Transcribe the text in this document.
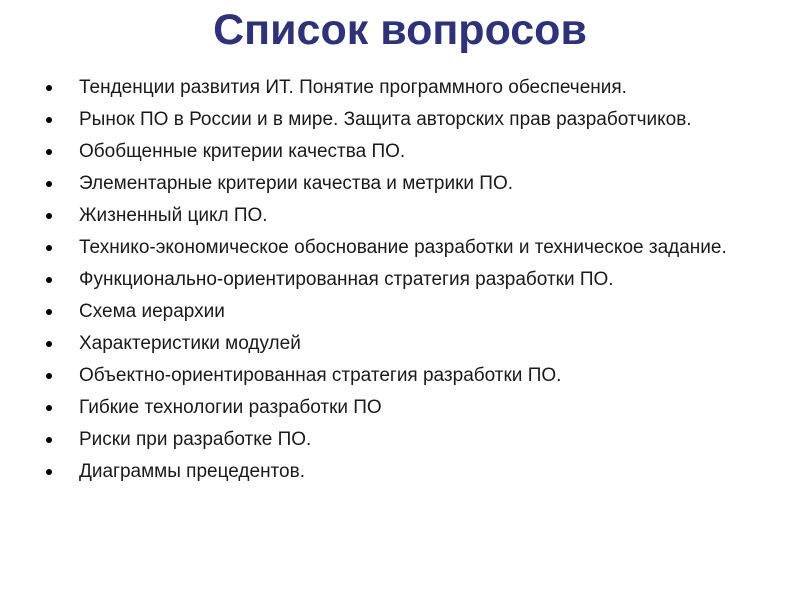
Список вопросов
Тенденции развития ИТ. Понятие программного обеспечения.
Рынок ПО в России и в мире. Защита авторских прав разработчиков.
Обобщенные критерии качества ПО.
Элементарные критерии качества и метрики ПО.
Жизненный цикл ПО.
Технико-экономическое обоснование разработки и техническое задание.
Функционально-ориентированная стратегия разработки ПО.
Схема иерархии
Характеристики модулей
Объектно-ориентированная стратегия разработки ПО.
Гибкие технологии разработки ПО
Риски при разработке ПО.
Диаграммы прецедентов.
